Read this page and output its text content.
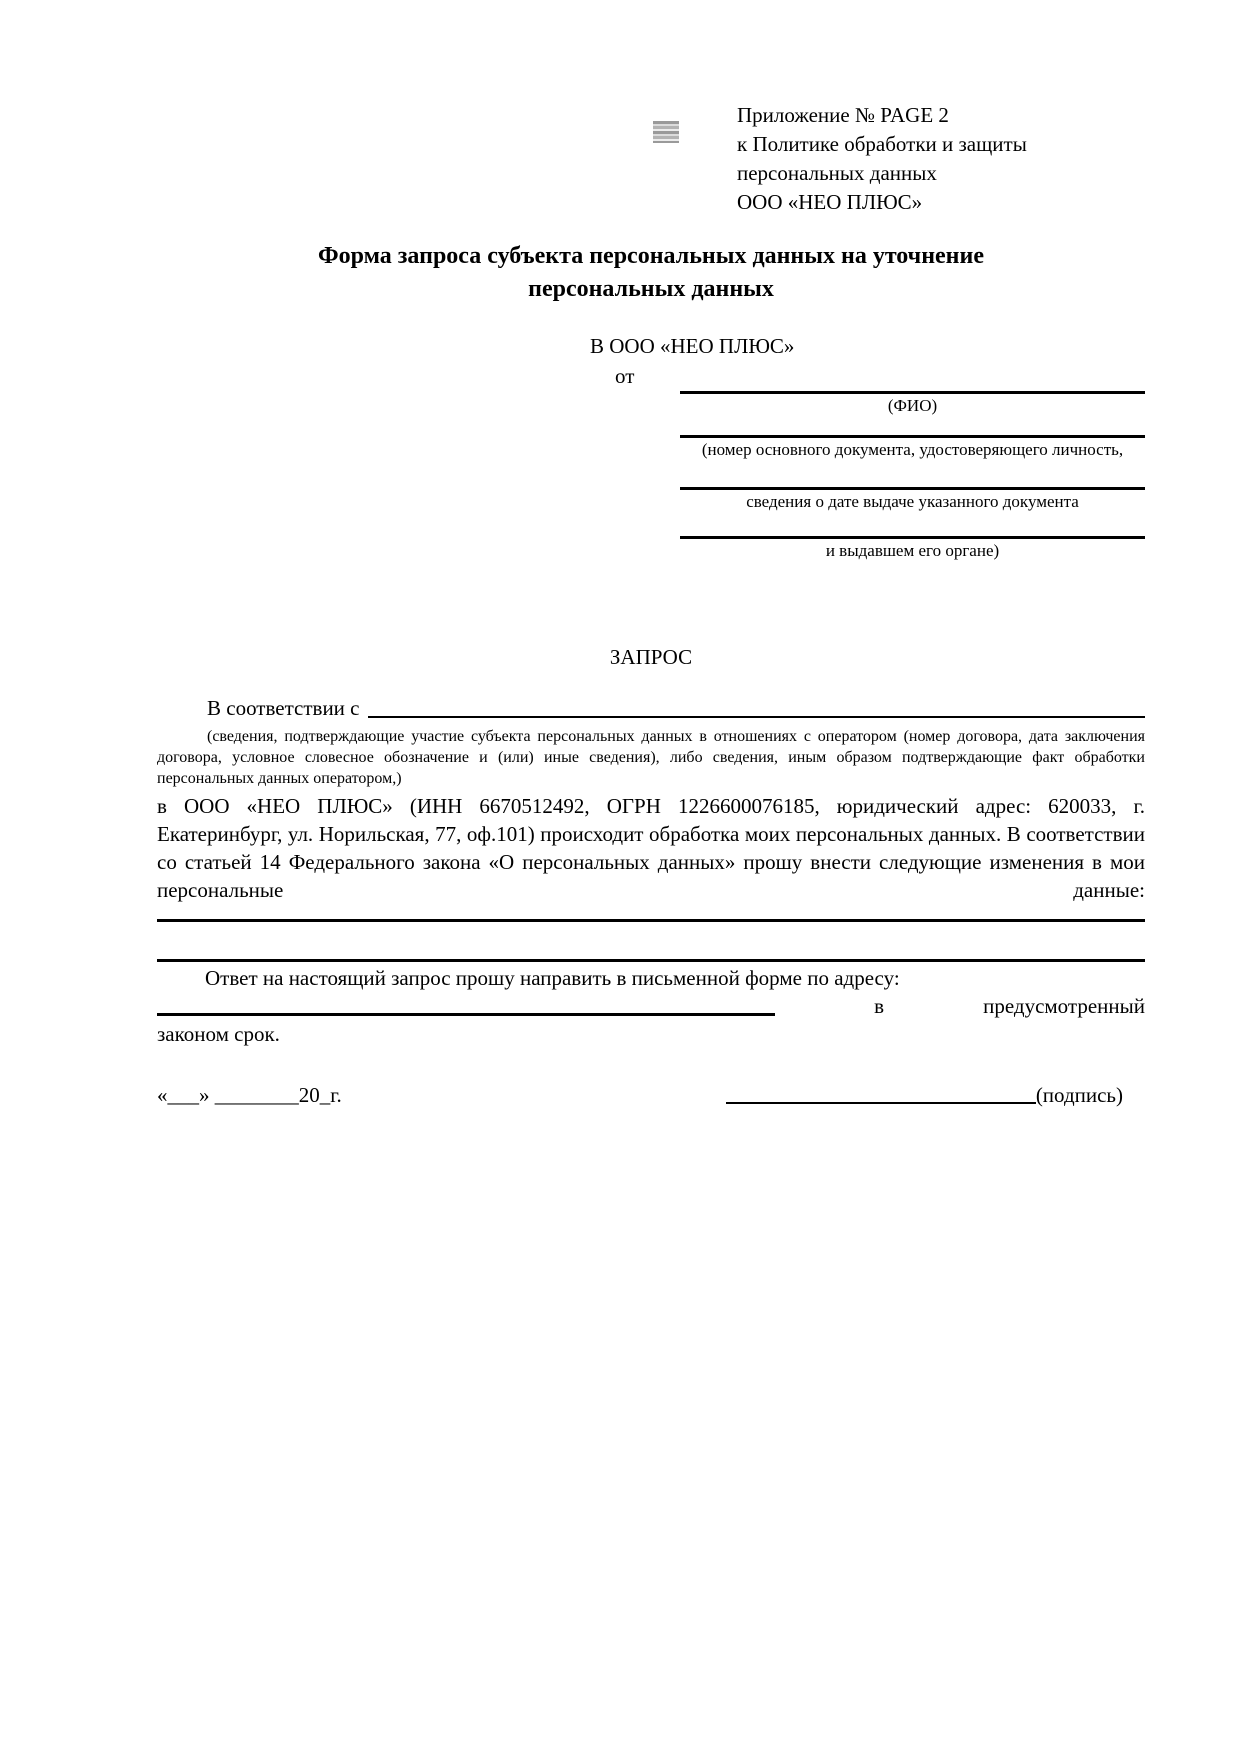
Приложение № PAGE 2
к Политике обработки и защиты
персональных данных
ООО «НЕО ПЛЮС»
Форма запроса субъекта персональных данных на уточнение
персональных данных
В ООО «НЕО ПЛЮС»
от
(ФИО)
(номер основного документа, удостоверяющего личность,
сведения о дате выдаче указанного документа
и выдавшем его органе)
ЗАПРОС
В соответствии с
(сведения, подтверждающие участие субъекта персональных данных в отношениях с оператором (номер договора, дата заключения договора, условное словесное обозначение и (или) иные сведения), либо сведения, иным образом подтверждающие факт обработки персональных данных оператором,)
в ООО «НЕО ПЛЮС» (ИНН 6670512492, ОГРН 1226600076185, юридический адрес: 620033, г. Екатеринбург, ул. Норильская, 77, оф.101) происходит обработка моих персональных данных. В соответствии со статьей 14 Федерального закона «О персональных данных» прошу внести следующие изменения в мои персональные данные:
Ответ на настоящий запрос прошу направить в письменной форме по адресу:
в	предусмотренный
законом срок.
«___» ________20_г.	(подпись)
